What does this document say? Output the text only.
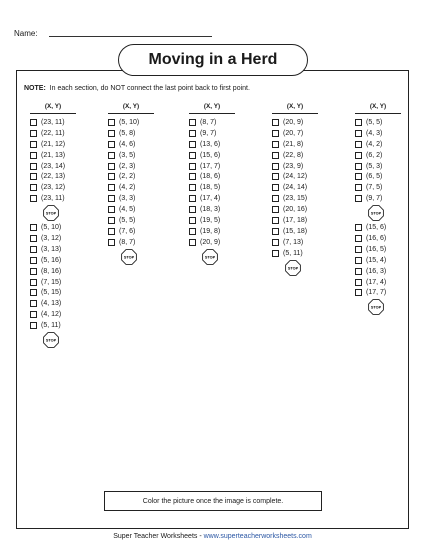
Name:
Moving in a Herd
NOTE: In each section, do NOT connect the last point back to first point.
(X, Y)
(23, 11)
(22, 11)
(21, 12)
(21, 13)
(23, 14)
(22, 13)
(23, 12)
(23, 11)
STOP
(5, 10)
(3, 12)
(3, 13)
(5, 16)
(8, 16)
(7, 15)
(5, 15)
(4, 13)
(4, 12)
(5, 11)
STOP
(X, Y)
(5, 10)
(5, 8)
(4, 6)
(3, 5)
(2, 3)
(2, 2)
(4, 2)
(3, 3)
(4, 5)
(5, 5)
(7, 6)
(8, 7)
STOP
(X, Y)
(8, 7)
(9, 7)
(13, 6)
(15, 6)
(17, 7)
(18, 6)
(18, 5)
(17, 4)
(18, 3)
(19, 5)
(19, 8)
(20, 9)
STOP
(X, Y)
(20, 9)
(20, 7)
(21, 8)
(22, 8)
(23, 9)
(24, 12)
(24, 14)
(23, 15)
(20, 16)
(17, 18)
(15, 18)
(7, 13)
(5, 11)
STOP
(X, Y)
(5, 5)
(4, 3)
(4, 2)
(6, 2)
(5, 3)
(6, 5)
(7, 5)
(9, 7)
STOP
(15, 6)
(16, 6)
(16, 5)
(15, 4)
(16, 3)
(17, 4)
(17, 7)
STOP
Color the picture once the image is complete.
Super Teacher Worksheets - www.superteacherworksheets.com
